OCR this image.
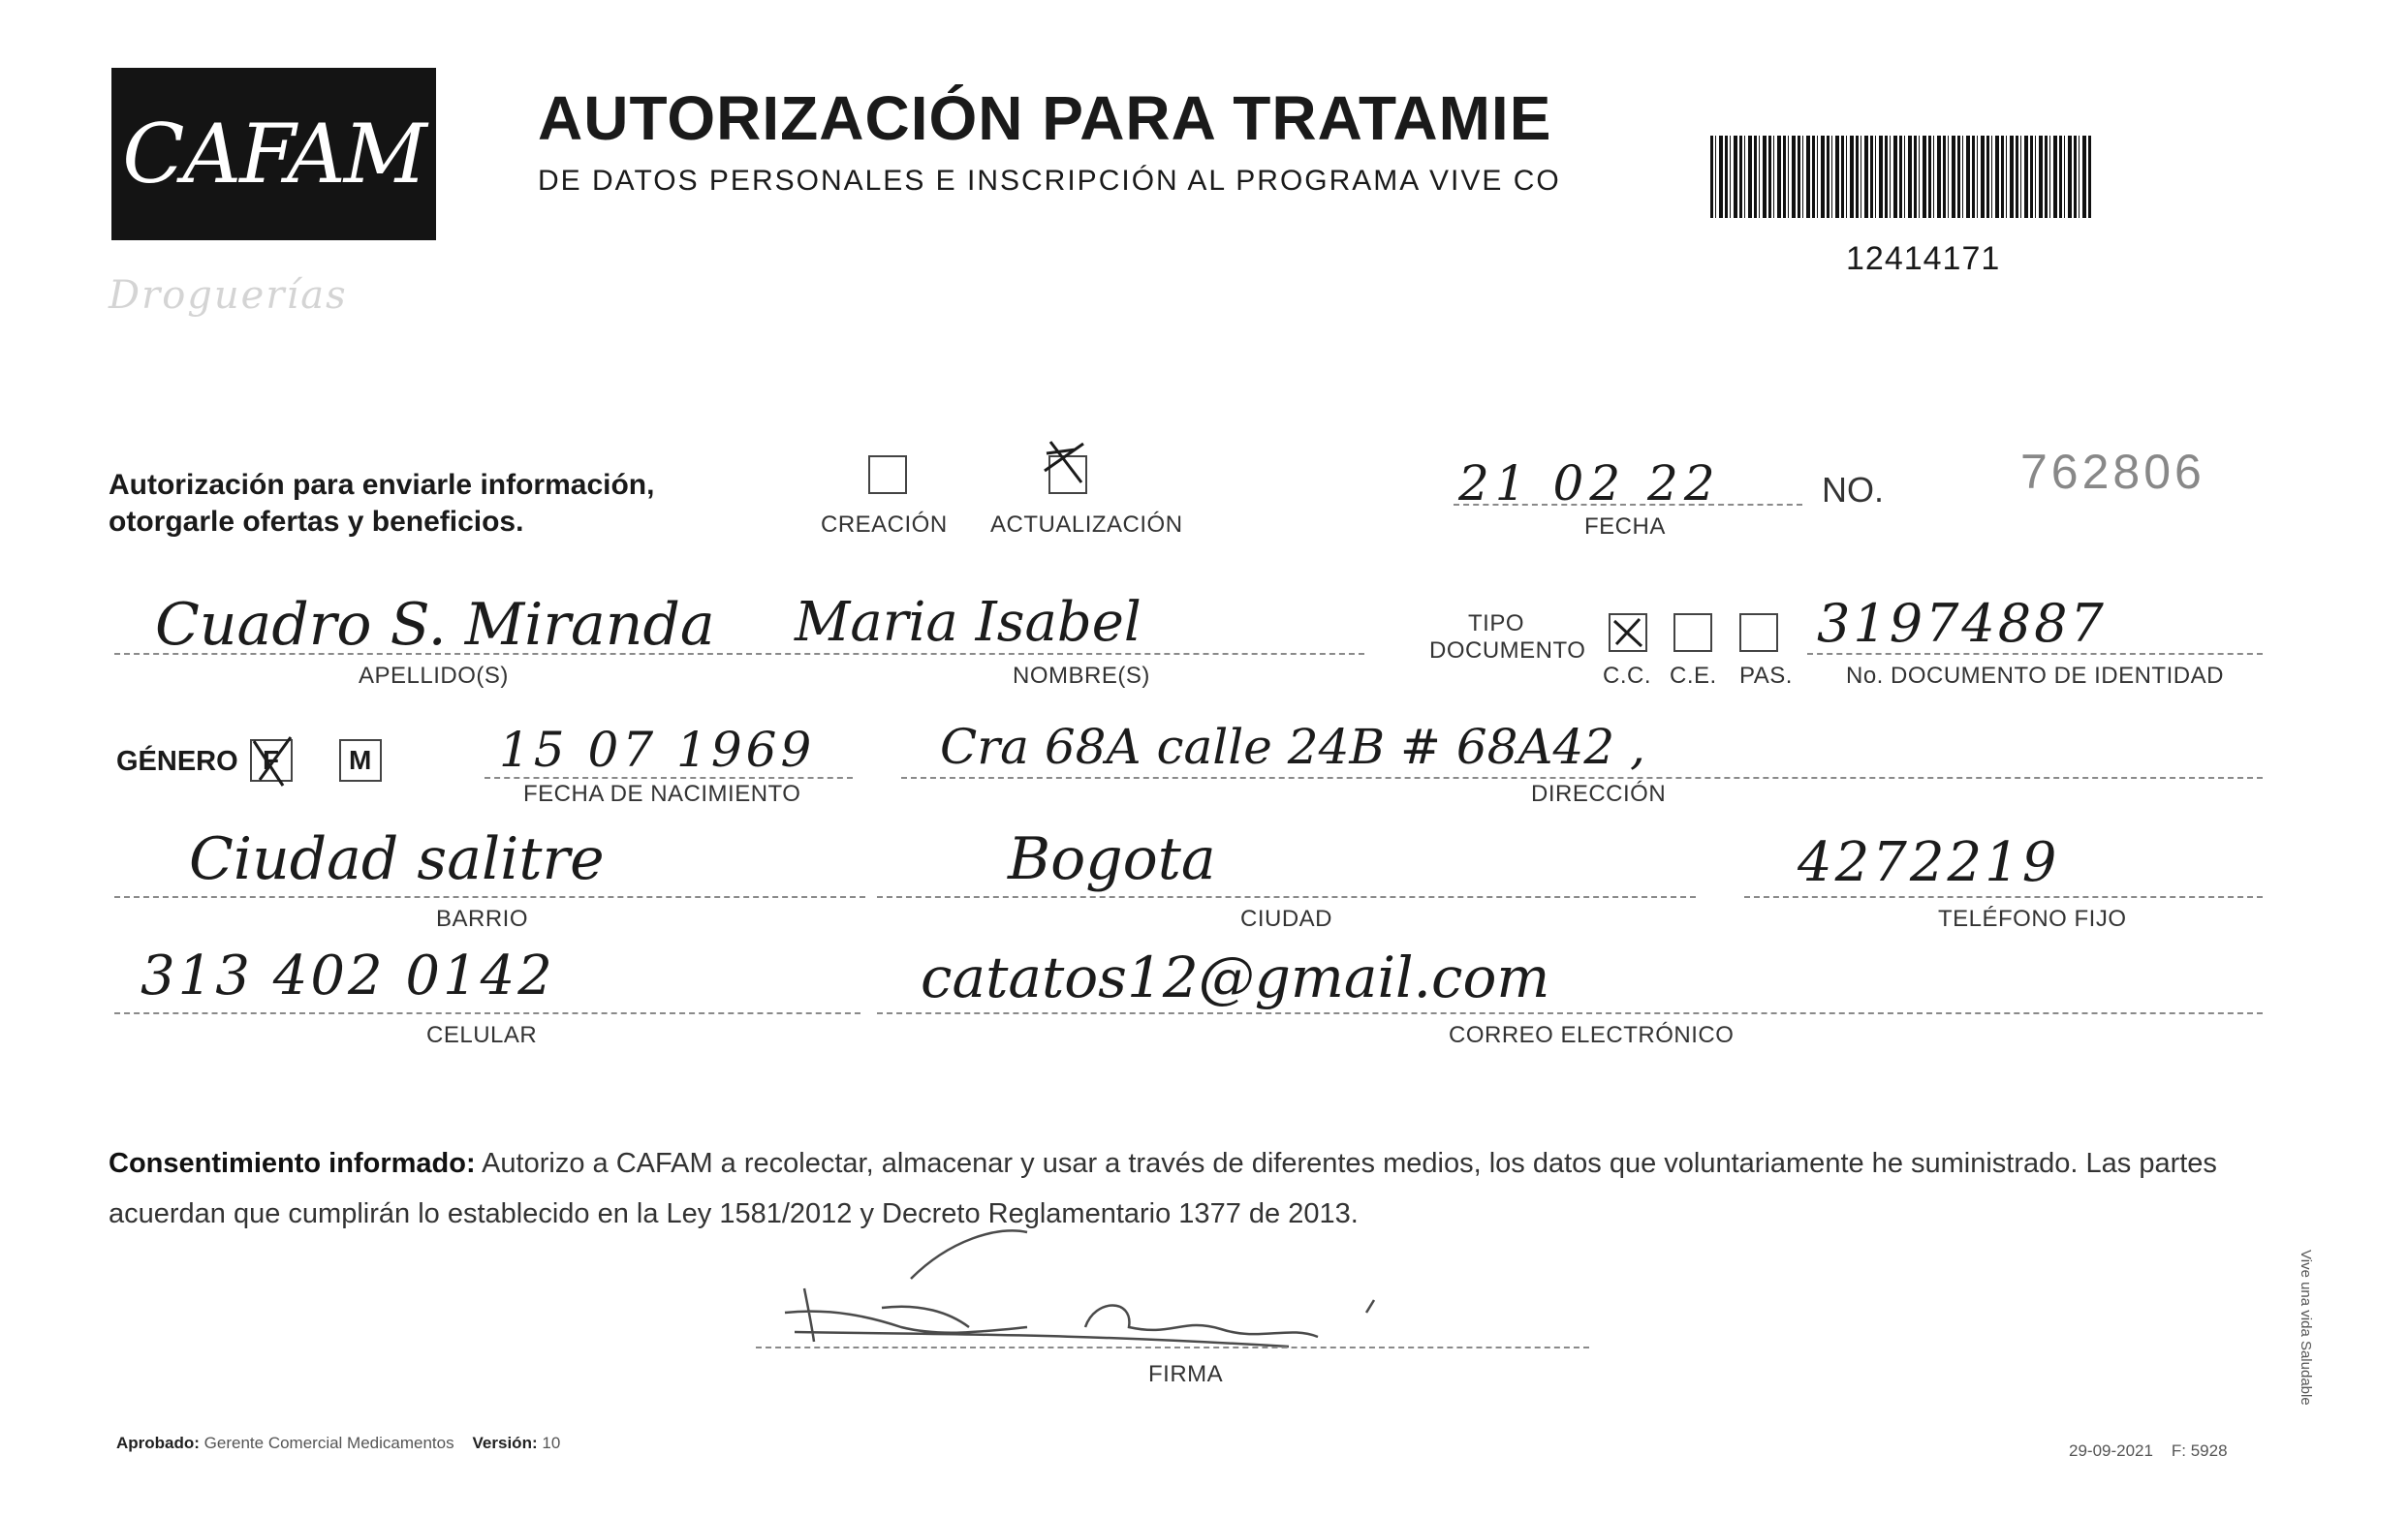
CAFAM
Droguerías
AUTORIZACIÓN PARA TRATAMIE
DE DATOS PERSONALES E INSCRIPCIÓN AL PROGRAMA VIVE CO
12414171
Autorización para enviarle información, otorgarle ofertas y beneficios.	CREACIÓN ACTUALIZACIÓN
21 02 22
FECHA
NO.	762806
Cuadro S. Miranda
APELLIDO(S)
Maria Isabel
NOMBRE(S)
TIPO
DOCUMENTO
C.C. C.E. PAS.
31974887
No. DOCUMENTO DE IDENTIDAD
GÉNERO F	M	15 07 1969
FECHA DE NACIMIENTO
Cra 68A calle 24B # 68A42 ,
DIRECCIÓN
Ciudad salitre
BARRIO
Bogota
CIUDAD
4272219
TELÉFONO FIJO
313 402 0142
CELULAR
catatos12@gmail.com
CORREO ELECTRÓNICO
Consentimiento informado: Autorizo a CAFAM a recolectar, almacenar y usar a través de diferentes medios, los datos que voluntariamente he suministrado. Las partes acuerdan que cumplirán lo establecido en la Ley 1581/2012 y Decreto Reglamentario 1377 de 2013.
FIRMA
Aprobado: Gerente Comercial Medicamentos Versión: 10	29-09-2021 F: 5928
Vive una vida Saludable
